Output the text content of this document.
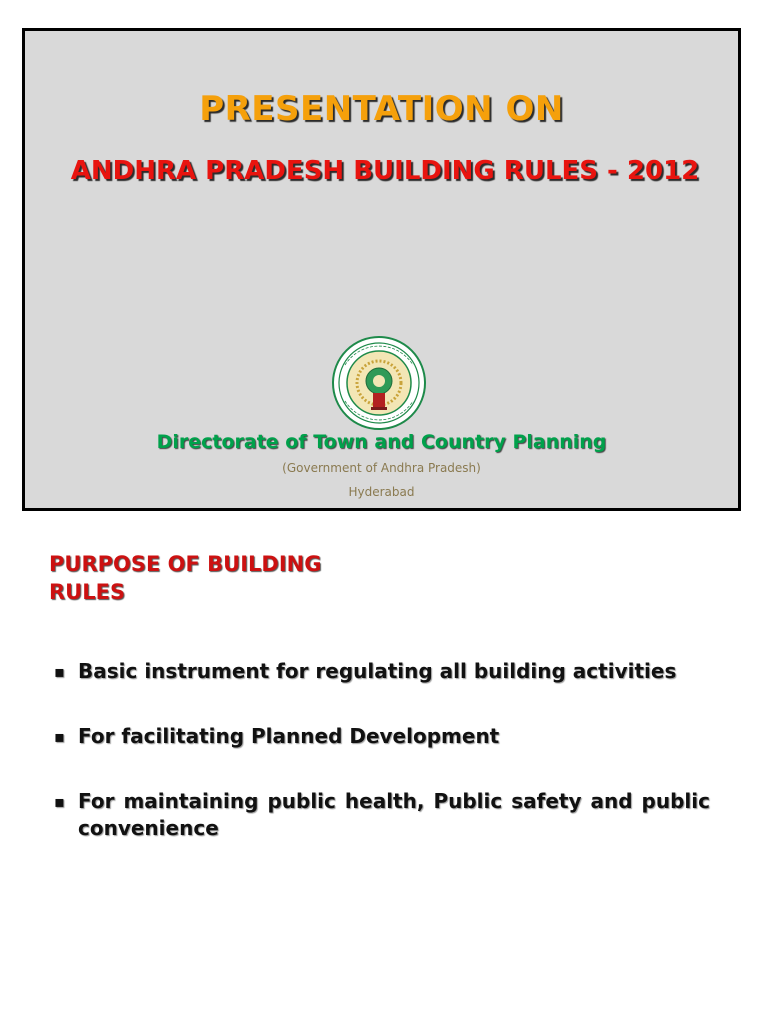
PRESENTATION ON
ANDHRA PRADESH BUILDING RULES - 2012
Directorate of Town and Country Planning
(Government of Andhra Pradesh)
Hyderabad
PURPOSE OF BUILDING RULES
▪ Basic instrument for regulating all building activities
▪ For facilitating Planned Development
▪ For maintaining public health, Public safety and public convenience
